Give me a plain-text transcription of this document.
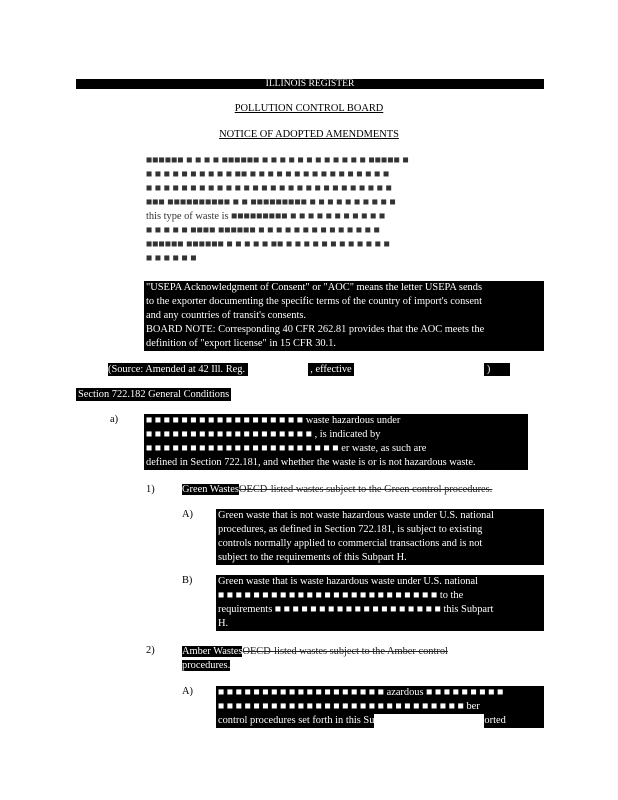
ILLINOIS REGISTER
POLLUTION CONTROL BOARD
NOTICE OF ADOPTED AMENDMENTS
■■■■■■ ■ ■ ■ ■ ■■■■■■ ■ ■ ■ ■ ■ ■ ■ ■ ■ ■ ■ ■ ■■■■■ ■
■ ■ ■ ■ ■ ■ ■ ■ ■ ■ ■■ ■ ■ ■ ■ ■ ■ ■ ■ ■ ■ ■ ■ ■ ■ ■ ■
■ ■ ■ ■ ■ ■ ■ ■ ■ ■ ■ ■ ■ ■ ■ ■ ■ ■ ■ ■ ■ ■ ■ ■ ■ ■ ■ ■
■■■ ■■■■■■■■■■ ■ ■ ■■■■■■■■■ ■ ■ ■ ■ ■ ■ ■ ■ ■ ■
this type of waste is ■■■■■■■■■ ■ ■ ■ ■ ■ ■ ■ ■ ■ ■ ■
■ ■ ■ ■ ■ ■■■■ ■■■■■■ ■ ■ ■ ■ ■ ■ ■ ■ ■ ■ ■ ■ ■ ■
■■■■■■ ■■■■■■ ■ ■ ■ ■ ■ ■■ ■ ■ ■ ■ ■ ■ ■ ■ ■ ■ ■ ■
■ ■ ■ ■ ■ ■
"USEPA Acknowledgment of Consent" or "AOC" means the letter USEPA sends
to the exporter documenting the specific terms of the country of import's consent
and any countries of transit's consents.
BOARD NOTE: Corresponding 40 CFR 262.81 provides that the AOC meets the
definition of "export license" in 15 CFR 30.1.
(Source: Amended at 42 Ill. Reg.	, effective	)
Section 722.182 General Conditions
a)	■ ■ ■ ■ ■ ■ ■ ■ ■ ■ ■ ■ ■ ■ ■ ■ ■ ■ waste hazardous under
■ ■ ■ ■ ■ ■ ■ ■ ■ ■ ■ ■ ■ ■ ■ ■ ■ ■ ■ , is indicated by
■ ■ ■ ■ ■ ■ ■ ■ ■ ■ ■ ■ ■ ■ ■ ■ ■ ■ ■ ■ ■ ■ er waste, as such are
defined in Section 722.181, and whether the waste is or is not hazardous waste.
1)	Green WastesOECD-listed wastes subject to the Green control procedures.
A) Green waste that is not waste hazardous waste under U.S. national
procedures, as defined in Section 722.181, is subject to existing
controls normally applied to commercial transactions and is not
subject to the requirements of this Subpart H.
B) Green waste that is waste hazardous waste under U.S. national
■ ■ ■ ■ ■ ■ ■ ■ ■ ■ ■ ■ ■ ■ ■ ■ ■ ■ ■ ■ ■ ■ ■ ■ ■ to the
requirements ■ ■ ■ ■ ■ ■ ■ ■ ■ ■ ■ ■ ■ ■ ■ ■ ■ ■ ■ this Subpart
H.
2)	Amber WastesOECD-listed wastes subject to the Amber control
procedures.
A) ■ ■ ■ ■ ■ ■ ■ ■ ■ ■ ■ ■ ■ ■ ■ ■ ■ ■ ■ azardous ■ ■ ■ ■ ■ ■ ■ ■ ■
■ ■ ■ ■ ■ ■ ■ ■ ■ ■ ■ ■ ■ ■ ■ ■ ■ ■ ■ ■ ■ ■ ■ ■ ■ ■ ■ ■ ber
control procedures set forth in this Su	orted
